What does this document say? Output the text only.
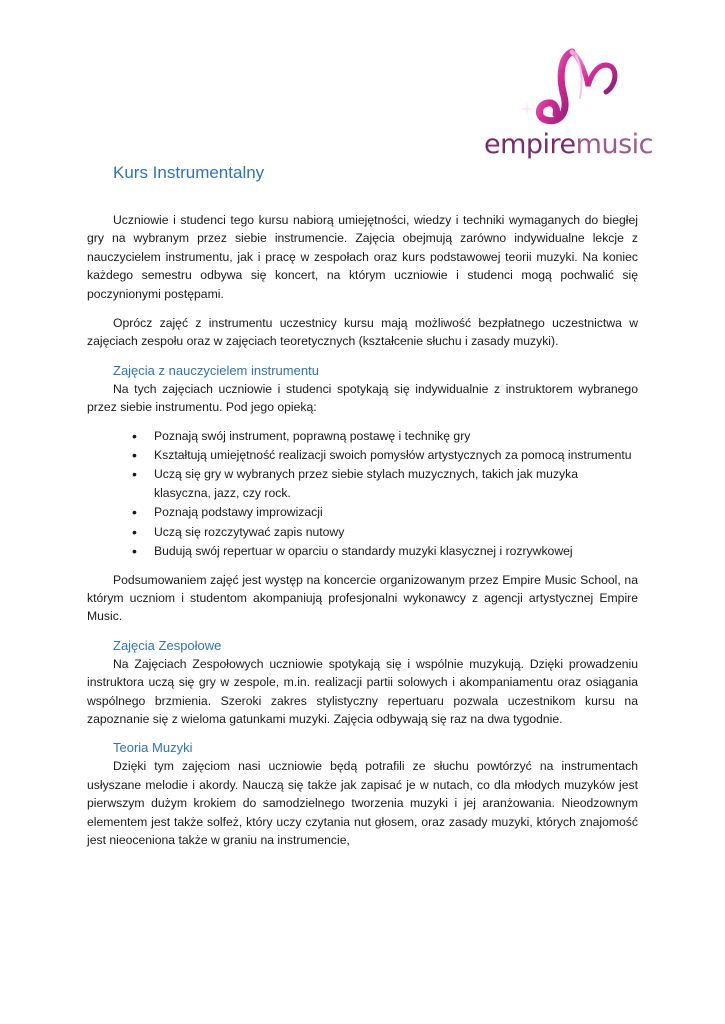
empiremusic
Kurs Instrumentalny

Uczniowie i studenci tego kursu nabiorą umiejętności, wiedzy i techniki wymaganych do biegłej gry na wybranym przez siebie instrumencie. Zajęcia obejmują zarówno indywidualne lekcje z nauczycielem instrumentu, jak i pracę w zespołach oraz kurs podstawowej teorii muzyki. Na koniec każdego semestru odbywa się koncert, na którym uczniowie i studenci mogą pochwalić się poczynionymi postępami.

Oprócz zajęć z instrumentu uczestnicy kursu mają możliwość bezpłatnego uczestnictwa w zajęciach zespołu oraz w zajęciach teoretycznych (kształcenie słuchu i zasady muzyki).

Zajęcia z nauczycielem instrumentu

Na tych zajęciach uczniowie i studenci spotykają się indywidualnie z instruktorem wybranego przez siebie instrumentu. Pod jego opieką:

• Poznają swój instrument, poprawną postawę i technikę gry
• Kształtują umiejętność realizacji swoich pomysłów artystycznych za pomocą instrumentu
• Uczą się gry w wybranych przez siebie stylach muzycznych, takich jak muzyka klasyczna, jazz, czy rock.
• Poznają podstawy improwizacji
• Uczą się rozczytywać zapis nutowy
• Budują swój repertuar w oparciu o standardy muzyki klasycznej i rozrywkowej

Podsumowaniem zajęć jest występ na koncercie organizowanym przez Empire Music School, na którym uczniom i studentom akompaniują profesjonalni wykonawcy z agencji artystycznej Empire Music.

Zajęcia Zespołowe

Na Zajęciach Zespołowych uczniowie spotykają się i wspólnie muzykują. Dzięki prowadzeniu instruktora uczą się gry w zespole, m.in. realizacji partii solowych i akompaniamentu oraz osiągania wspólnego brzmienia. Szeroki zakres stylistyczny repertuaru pozwala uczestnikom kursu na zapoznanie się z wieloma gatunkami muzyki. Zajęcia odbywają się raz na dwa tygodnie.

Teoria Muzyki

Dzięki tym zajęciom nasi uczniowie będą potrafili ze słuchu powtórzyć na instrumentach usłyszane melodie i akordy. Nauczą się także jak zapisać je w nutach, co dla młodych muzyków jest pierwszym dużym krokiem do samodzielnego tworzenia muzyki i jej aranżowania. Nieodzownym elementem jest także solfeż, który uczy czytania nut głosem, oraz zasady muzyki, których znajomość jest nieoceniona także w graniu na instrumencie,
